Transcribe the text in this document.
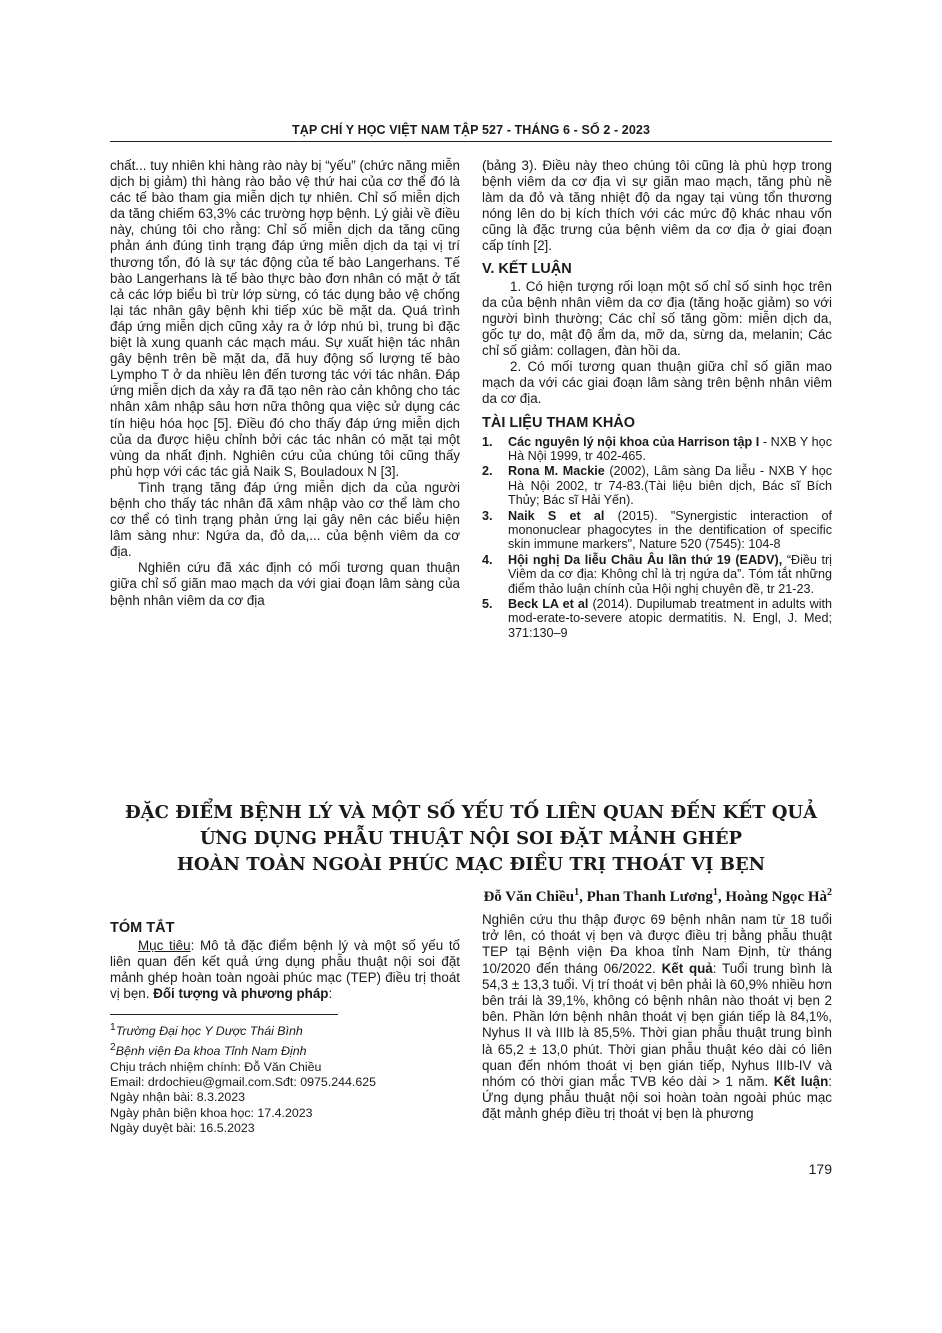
TẠP CHÍ Y HỌC VIỆT NAM TẬP 527 - THÁNG 6 - SỐ 2 - 2023

chất... tuy nhiên khi hàng rào này bị “yếu” (chức năng miễn dịch bị giảm) thì hàng rào bảo vệ thứ hai của cơ thể đó là các tế bào tham gia miễn dịch tự nhiên. Chỉ số miễn dịch da tăng chiếm 63,3% các trường hợp bệnh. Lý giải về điều này, chúng tôi cho rằng: Chỉ số miễn dịch da tăng cũng phản ánh đúng tình trạng đáp ứng miễn dịch da tại vị trí thương tổn, đó là sự tác động của tế bào Langerhans. Tế bào Langerhans là tế bào thực bào đơn nhân có mặt ở tất cả các lớp biểu bì trừ lớp sừng, có tác dụng bảo vệ chống lại tác nhân gây bệnh khi tiếp xúc bề mặt da. Quá trình đáp ứng miễn dịch cũng xảy ra ở lớp nhú bì, trung bì đặc biệt là xung quanh các mạch máu. Sự xuất hiện tác nhân gây bệnh trên bề mặt da, đã huy động số lượng tế bào Lympho T ở da nhiều lên đến tương tác với tác nhân. Đáp ứng miễn dịch da xảy ra đã tạo nên rào cản không cho tác nhân xâm nhập sâu hơn nữa thông qua việc sử dụng các tín hiệu hóa học [5]. Điều đó cho thấy đáp ứng miễn dịch của da được hiệu chỉnh bởi các tác nhân có mặt tại một vùng da nhất định. Nghiên cứu của chúng tôi cũng thấy phù hợp với các tác giả Naik S, Bouladoux N [3].

Tình trạng tăng đáp ứng miễn dịch da của người bệnh cho thấy tác nhân đã xâm nhập vào cơ thể làm cho cơ thể có tình trạng phản ứng lại gây nên các biểu hiện lâm sàng như: Ngứa da, đỏ da,... của bệnh viêm da cơ địa.

Nghiên cứu đã xác định có mối tương quan thuận giữa chỉ số giãn mao mạch da với giai đoạn lâm sàng của bệnh nhân viêm da cơ địa

(bảng 3). Điều này theo chúng tôi cũng là phù hợp trong bệnh viêm da cơ địa vì sự giãn mao mạch, tăng phù nề làm da đỏ và tăng nhiệt độ da ngay tại vùng tổn thương nóng lên do bị kích thích với các mức độ khác nhau vốn cũng là đặc trưng của bệnh viêm da cơ địa ở giai đoạn cấp tính [2].

V. KẾT LUẬN

1. Có hiện tượng rối loạn một số chỉ số sinh học trên da của bệnh nhân viêm da cơ địa (tăng hoặc giảm) so với người bình thường; Các chỉ số tăng gồm: miễn dịch da, gốc tự do, mật độ ẩm da, mỡ da, sừng da, melanin; Các chỉ số giảm: collagen, đàn hồi da.

2. Có mối tương quan thuận giữa chỉ số giãn mao mạch da với các giai đoạn lâm sàng trên bệnh nhân viêm da cơ địa.

TÀI LIỆU THAM KHẢO
1. Các nguyên lý nội khoa của Harrison tập I - NXB Y học Hà Nội 1999, tr 402-465.
2. Rona M. Mackie (2002), Lâm sàng Da liễu - NXB Y học Hà Nội 2002, tr 74-83.(Tài liệu biên dịch, Bác sĩ Bích Thủy; Bác sĩ Hải Yến).
3. Naik S et al (2015). "Synergistic interaction of mononuclear phagocytes in the dentification of specific skin immune markers", Nature 520 (7545): 104-8
4. Hội nghị Da liễu Châu Âu lần thứ 19 (EADV), “Điều trị Viêm da cơ địa: Không chỉ là trị ngứa da”. Tóm tắt những điểm thảo luận chính của Hội nghị chuyên đề, tr 21-23.
5. Beck LA et al (2014). Dupilumab treatment in adults with mod-erate-to-severe atopic dermatitis. N. Engl, J. Med; 371:130–9
ĐẶC ĐIỂM BỆNH LÝ VÀ MỘT SỐ YẾU TỐ LIÊN QUAN ĐẾN KẾT QUẢ
ỨNG DỤNG PHẪU THUẬT NỘI SOI ĐẶT MẢNH GHÉP
HOÀN TOÀN NGOÀI PHÚC MẠC ĐIỀU TRỊ THOÁT VỊ BẸN
Đỗ Văn Chiều$^1$, Phan Thanh Lương$^1$, Hoàng Ngọc $Hà^2$
TÓM TẮT

Mục tiêu: Mô tả đặc điểm bệnh lý và một số yếu tố liên quan đến kết quả ứng dụng phẫu thuật nội soi đặt mảnh ghép hoàn toàn ngoài phúc mạc (TEP) điều trị thoát vị bẹn. Đối tượng và phương pháp:

$^1$Trường Đại học Y Dược Thái Bình
$^2$Bệnh viện Đa khoa Tỉnh Nam Định
Chịu trách nhiệm chính: Đỗ Văn Chiều
Email: drdochieu@gmail.com.Sđt: 0975.244.625
Ngày nhận bài: 8.3.2023
Ngày phản biện khoa học: 17.4.2023
Ngày duyệt bài: 16.5.2023

Nghiên cứu thu thập được 69 bệnh nhân nam từ 18 tuổi trở lên, có thoát vị bẹn và được điều trị bằng phẫu thuật TEP tại Bệnh viện Đa khoa tỉnh Nam Định, từ tháng 10/2020 đến tháng 06/2022. Kết quả: Tuổi trung bình là 54,3 ± 13,3 tuổi. Vị trí thoát vị bên phải là 60,9% nhiều hơn bên trái là 39,1%, không có bệnh nhân nào thoát vị bẹn 2 bên. Phần lớn bệnh nhân thoát vị bẹn gián tiếp là 84,1%, Nyhus II và IIIb là 85,5%. Thời gian phẫu thuật trung bình là 65,2 ± 13,0 phút. Thời gian phẫu thuật kéo dài có liên quan đến nhóm thoát vị bẹn gián tiếp, Nyhus IIIb-IV và nhóm có thời gian mắc TVB kéo dài > 1 năm. Kết luận: Ứng dụng phẫu thuật nội soi hoàn toàn ngoài phúc mạc đặt mảnh ghép điều trị thoát vị bẹn là phương

179
